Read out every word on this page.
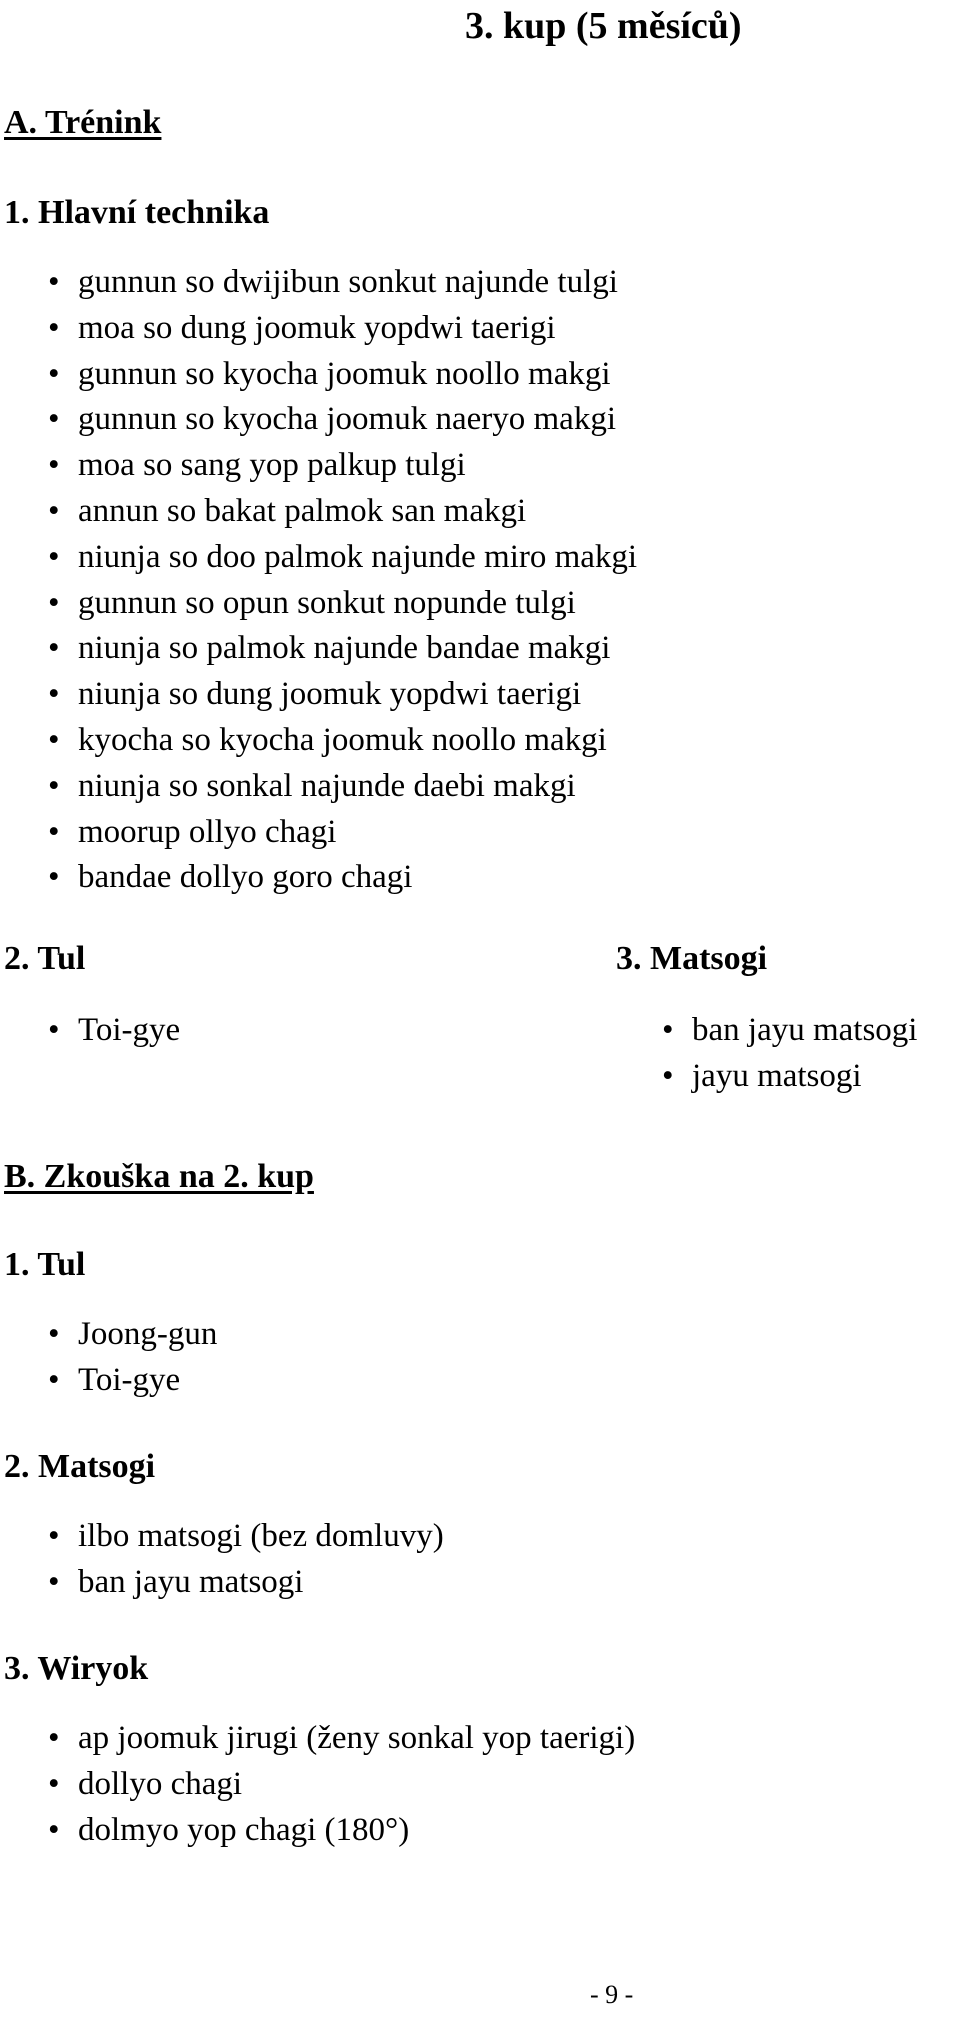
3. kup (5 měsíců)
A. Trénink
1. Hlavní technika
• gunnun so dwijibun sonkut najunde tulgi
• moa so dung joomuk yopdwi taerigi
• gunnun so kyocha joomuk noollo makgi
• gunnun so kyocha joomuk naeryo makgi
• moa so sang yop palkup tulgi
• annun so bakat palmok san makgi
• niunja so doo palmok najunde miro makgi
• gunnun so opun sonkut nopunde tulgi
• niunja so palmok najunde bandae makgi
• niunja so dung joomuk yopdwi taerigi
• kyocha so kyocha joomuk noollo makgi
• niunja so sonkal najunde daebi makgi
• moorup ollyo chagi
• bandae dollyo goro chagi
2. Tul
• Toi-gye
3. Matsogi
• ban jayu matsogi
• jayu matsogi
B. Zkouška na 2. kup
1. Tul
• Joong-gun
• Toi-gye
2. Matsogi
• ilbo matsogi (bez domluvy)
• ban jayu matsogi
3. Wiryok
• ap joomuk jirugi (ženy sonkal yop taerigi)
• dollyo chagi
• dolmyo yop chagi (180°)
- 9 -
